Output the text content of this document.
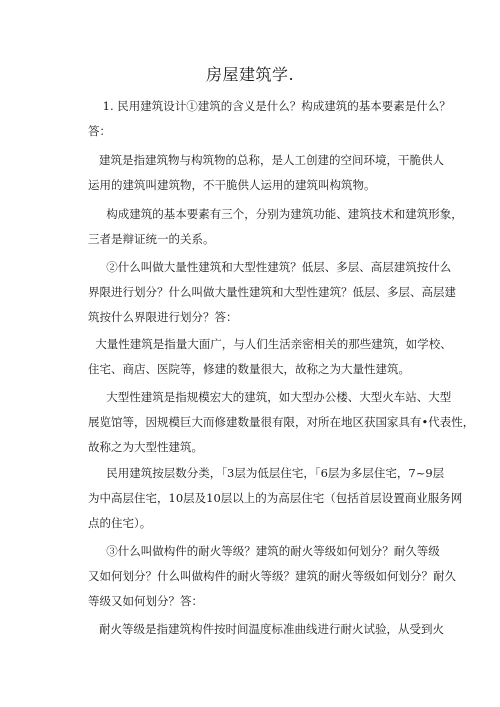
房屋建筑学.

1. 民用建筑设计①建筑的含义是什么？构成建筑的基本要素是什么？
答：

建筑是指建筑物与构筑物的总称，是人工创建的空间环境，干脆供人
运用的建筑叫建筑物，不干脆供人运用的建筑叫构筑物。

构成建筑的基本要素有三个，分别为建筑功能、建筑技术和建筑形象，
三者是辩证统一的关系。

②什么叫做大量性建筑和大型性建筑？低层、多层、高层建筑按什么
界限进行划分？什么叫做大量性建筑和大型性建筑？低层、多层、高层建
筑按什么界限进行划分？答：

大量性建筑是指量大面广，与人们生活亲密相关的那些建筑，如学校、
住宅、商店、医院等，修建的数量很大，故称之为大量性建筑。

大型性建筑是指规模宏大的建筑，如大型办公楼、大型火车站、大型
展览馆等，因规模巨大而修建数量很有限，对所在地区获国家具有•代表性，
故称之为大型性建筑。

民用建筑按层数分类，「3层为低层住宅，「6层为多层住宅，7~9层
为中高层住宅，10层及10层以上的为高层住宅（包括首层设置商业服务网
点的住宅）。

③什么叫做构件的耐火等级？建筑的耐火等级如何划分？耐久等级
又如何划分？什么叫做构件的耐火等级？建筑的耐火等级如何划分？耐久
等级又如何划分？答：

耐火等级是指建筑构件按时间温度标准曲线进行耐火试验，从受到火
